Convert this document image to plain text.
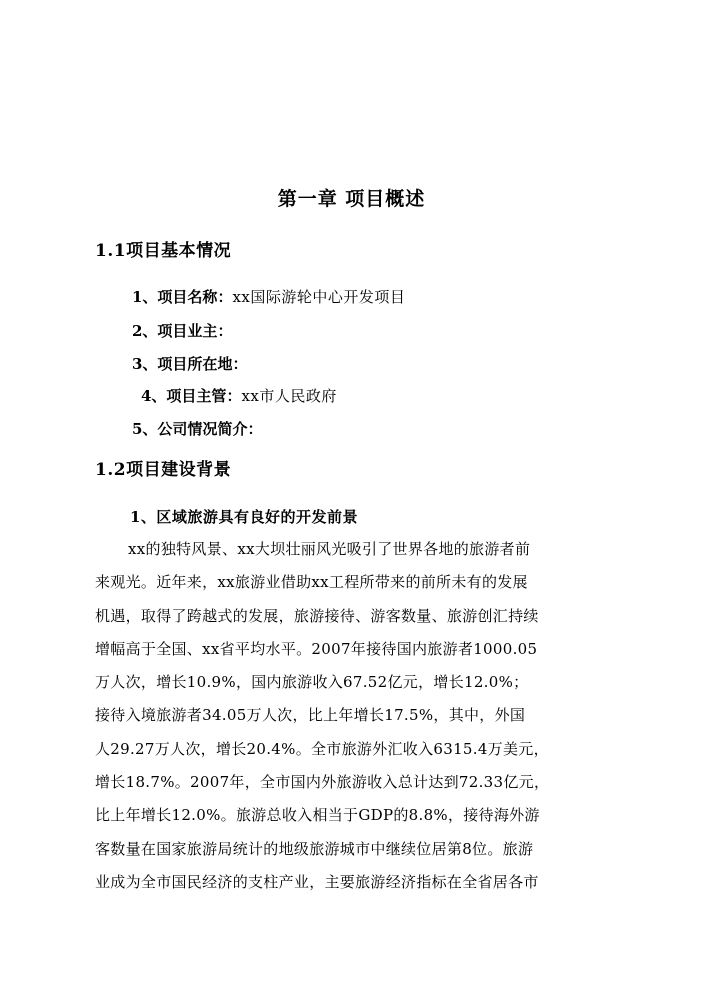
第一章 项目概述
1.1项目基本情况
1、项目名称：xx国际游轮中心开发项目
2、项目业主：
3、项目所在地：
4、项目主管：xx市人民政府
5、公司情况简介：
1.2项目建设背景
1、区域旅游具有良好的开发前景
xx的独特风景、xx大坝壮丽风光吸引了世界各地的旅游者前
来观光。近年来，xx旅游业借助xx工程所带来的前所未有的发展
机遇，取得了跨越式的发展，旅游接待、游客数量、旅游创汇持续
增幅高于全国、xx省平均水平。2007年接待国内旅游者1000.05
万人次，增长10.9%，国内旅游收入67.52亿元，增长12.0%；
接待入境旅游者34.05万人次，比上年增长17.5%，其中，外国
人29.27万人次，增长20.4%。全市旅游外汇收入6315.4万美元，
增长18.7%。2007年，全市国内外旅游收入总计达到72.33亿元，
比上年增长12.0%。旅游总收入相当于GDP的8.8%，接待海外游
客数量在国家旅游局统计的地级旅游城市中继续位居第8位。旅游
业成为全市国民经济的支柱产业，主要旅游经济指标在全省居各市
